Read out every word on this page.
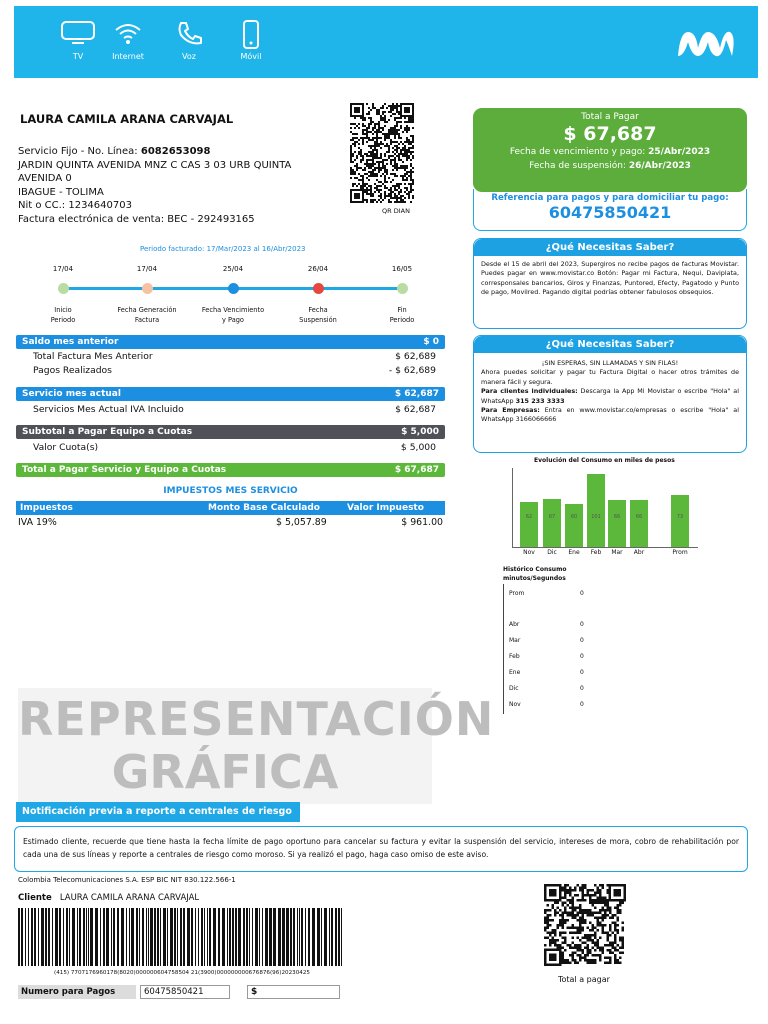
TV	Internet	Voz	Móvil
LAURA CAMILA ARANA CARVAJAL
Servicio Fijo - No. Línea: 6082653098
JARDIN QUINTA AVENIDA MNZ C CAS 3 03 URB QUINTA
AVENIDA 0
IBAGUE - TOLIMA
Nit o CC.: 1234640703
Factura electrónica de venta: BEC - 292493165
QR DIAN
Total a Pagar
$ 67,687
Fecha de vencimiento y pago: 25/Abr/2023
Fecha de suspensión: 26/Abr/2023
Referencia para pagos y para domiciliar tu pago:
60475850421
¿Qué Necesitas Saber?
Desde el 15 de abril del 2023, Supergiros no recibe pagos de facturas Movistar. Puedes pagar en www.movistar.co Botón: Pagar mi Factura, Nequi, Daviplata, corresponsales bancarios, Giros y Finanzas, Puntored, Efecty, Pagatodo y Punto de pago, Movilred. Pagando digital podrías obtener fabulosos obsequios.
¿Qué Necesitas Saber?
¡SIN ESPERAS, SIN LLAMADAS Y SIN FILAS!
Ahora puedes solicitar y pagar tu Factura Digital o hacer otros trámites de manera fácil y segura.
Para clientes individuales: Descarga la App Mi Movistar o escribe "Hola" al WhatsApp 315 233 3333
Para Empresas: Entra en www.movistar.co/empresas o escribe "Hola" al WhatsApp 3166066666
Periodo facturado: 17/Mar/2023 al 16/Abr/2023
17/04
Inicio
Periodo
17/04
Fecha Generación
Factura
25/04
Fecha Vencimiento
y Pago
26/04
Fecha
Suspensión
16/05
Fin
Periodo
Saldo mes anterior	$ 0
Total Factura Mes Anterior	$ 62,689
Pagos Realizados	- $ 62,689
Servicio mes actual	$ 62,687
Servicios Mes Actual IVA Incluido	$ 62,687
Subtotal a Pagar Equipo a Cuotas	$ 5,000
Valor Cuota(s)	$ 5,000
Total a Pagar Servicio y Equipo a Cuotas	$ 67,687
IMPUESTOS MES SERVICIO
Impuestos	Monto Base Calculado	Valor Impuesto
IVA 19%	$ 5,057.89	$ 961.00
Evolución del Consumo en miles de pesos
62
Nov
67
Dic
60
Ene
101
Feb
66
Mar
66
Abr
73
Prom
Histórico Consumo minutos/Segundos
Prom	0
Abr	0
Mar	0
Feb	0
Ene	0
Dic	0
Nov	0
REPRESENTACIÓN
GRÁFICA
Notificación previa a reporte a centrales de riesgo
Estimado cliente, recuerde que tiene hasta la fecha límite de pago oportuno para cancelar su factura y evitar la suspensión del servicio, intereses de mora, cobro de rehabilitación por cada una de sus líneas y reporte a centrales de riesgo como moroso. Si ya realizó el pago, haga caso omiso de este aviso.
Colombia Telecomunicaciones S.A. ESP BIC NIT 830.122.566-1
Cliente LAURA CAMILA ARANA CARVAJAL
(415) 7707176960178(8020)000000604758504 21(3900)000000000676876(96)20230425
Numero para Pagos	60475850421	$
Total a pagar
